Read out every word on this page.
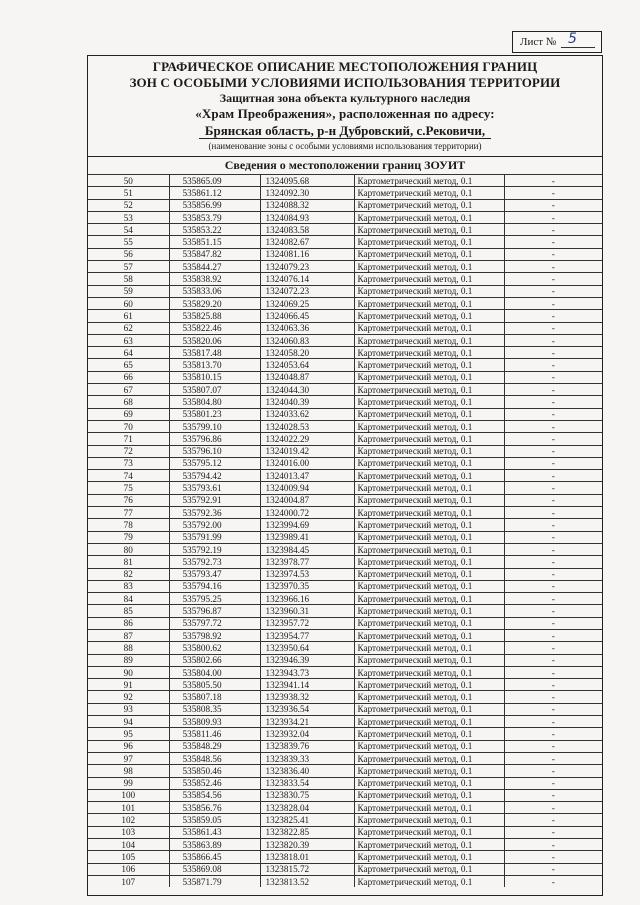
Лист № 5
ГРАФИЧЕСКОЕ ОПИСАНИЕ МЕСТОПОЛОЖЕНИЯ ГРАНИЦ
ЗОН С ОСОБЫМИ УСЛОВИЯМИ ИСПОЛЬЗОВАНИЯ ТЕРРИТОРИИ
Защитная зона объекта культурного наследия
«Храм Преображения», расположенная по адресу:
Брянская область, р-н Дубровский, с.Рековичи,
(наименование зоны с особыми условиями использования территории)
Сведения о местоположении границ ЗОУИТ
50	535865.09	1324095.68	Картометрический метод, 0.1	-
51	535861.12	1324092.30	Картометрический метод, 0.1	-
52	535856.99	1324088.32	Картометрический метод, 0.1	-
53	535853.79	1324084.93	Картометрический метод, 0.1	-
54	535853.22	1324083.58	Картометрический метод, 0.1	-
55	535851.15	1324082.67	Картометрический метод, 0.1	-
56	535847.82	1324081.16	Картометрический метод, 0.1	-
57	535844.27	1324079.23	Картометрический метод, 0.1	-
58	535838.92	1324076.14	Картометрический метод, 0.1	-
59	535833.06	1324072.23	Картометрический метод, 0.1	-
60	535829.20	1324069.25	Картометрический метод, 0.1	-
61	535825.88	1324066.45	Картометрический метод, 0.1	-
62	535822.46	1324063.36	Картометрический метод, 0.1	-
63	535820.06	1324060.83	Картометрический метод, 0.1	-
64	535817.48	1324058.20	Картометрический метод, 0.1	-
65	535813.70	1324053.64	Картометрический метод, 0.1	-
66	535810.15	1324048.87	Картометрический метод, 0.1	-
67	535807.07	1324044.30	Картометрический метод, 0.1	-
68	535804.80	1324040.39	Картометрический метод, 0.1	-
69	535801.23	1324033.62	Картометрический метод, 0.1	-
70	535799.10	1324028.53	Картометрический метод, 0.1	-
71	535796.86	1324022.29	Картометрический метод, 0.1	-
72	535796.10	1324019.42	Картометрический метод, 0.1	-
73	535795.12	1324016.00	Картометрический метод, 0.1	-
74	535794.42	1324013.47	Картометрический метод, 0.1	-
75	535793.61	1324009.94	Картометрический метод, 0.1	-
76	535792.91	1324004.87	Картометрический метод, 0.1	-
77	535792.36	1324000.72	Картометрический метод, 0.1	-
78	535792.00	1323994.69	Картометрический метод, 0.1	-
79	535791.99	1323989.41	Картометрический метод, 0.1	-
80	535792.19	1323984.45	Картометрический метод, 0.1	-
81	535792.73	1323978.77	Картометрический метод, 0.1	-
82	535793.47	1323974.53	Картометрический метод, 0.1	-
83	535794.16	1323970.35	Картометрический метод, 0.1	-
84	535795.25	1323966.16	Картометрический метод, 0.1	-
85	535796.87	1323960.31	Картометрический метод, 0.1	-
86	535797.72	1323957.72	Картометрический метод, 0.1	-
87	535798.92	1323954.77	Картометрический метод, 0.1	-
88	535800.62	1323950.64	Картометрический метод, 0.1	-
89	535802.66	1323946.39	Картометрический метод, 0.1	-
90	535804.00	1323943.73	Картометрический метод, 0.1	-
91	535805.50	1323941.14	Картометрический метод, 0.1	-
92	535807.18	1323938.32	Картометрический метод, 0.1	-
93	535808.35	1323936.54	Картометрический метод, 0.1	-
94	535809.93	1323934.21	Картометрический метод, 0.1	-
95	535811.46	1323932.04	Картометрический метод, 0.1	-
96	535848.29	1323839.76	Картометрический метод, 0.1	-
97	535848.56	1323839.33	Картометрический метод, 0.1	-
98	535850.46	1323836.40	Картометрический метод, 0.1	-
99	535852.46	1323833.54	Картометрический метод, 0.1	-
100	535854.56	1323830.75	Картометрический метод, 0.1	-
101	535856.76	1323828.04	Картометрический метод, 0.1	-
102	535859.05	1323825.41	Картометрический метод, 0.1	-
103	535861.43	1323822.85	Картометрический метод, 0.1	-
104	535863.89	1323820.39	Картометрический метод, 0.1	-
105	535866.45	1323818.01	Картометрический метод, 0.1	-
106	535869.08	1323815.72	Картометрический метод, 0.1	-
107	535871.79	1323813.52	Картометрический метод, 0.1	-
